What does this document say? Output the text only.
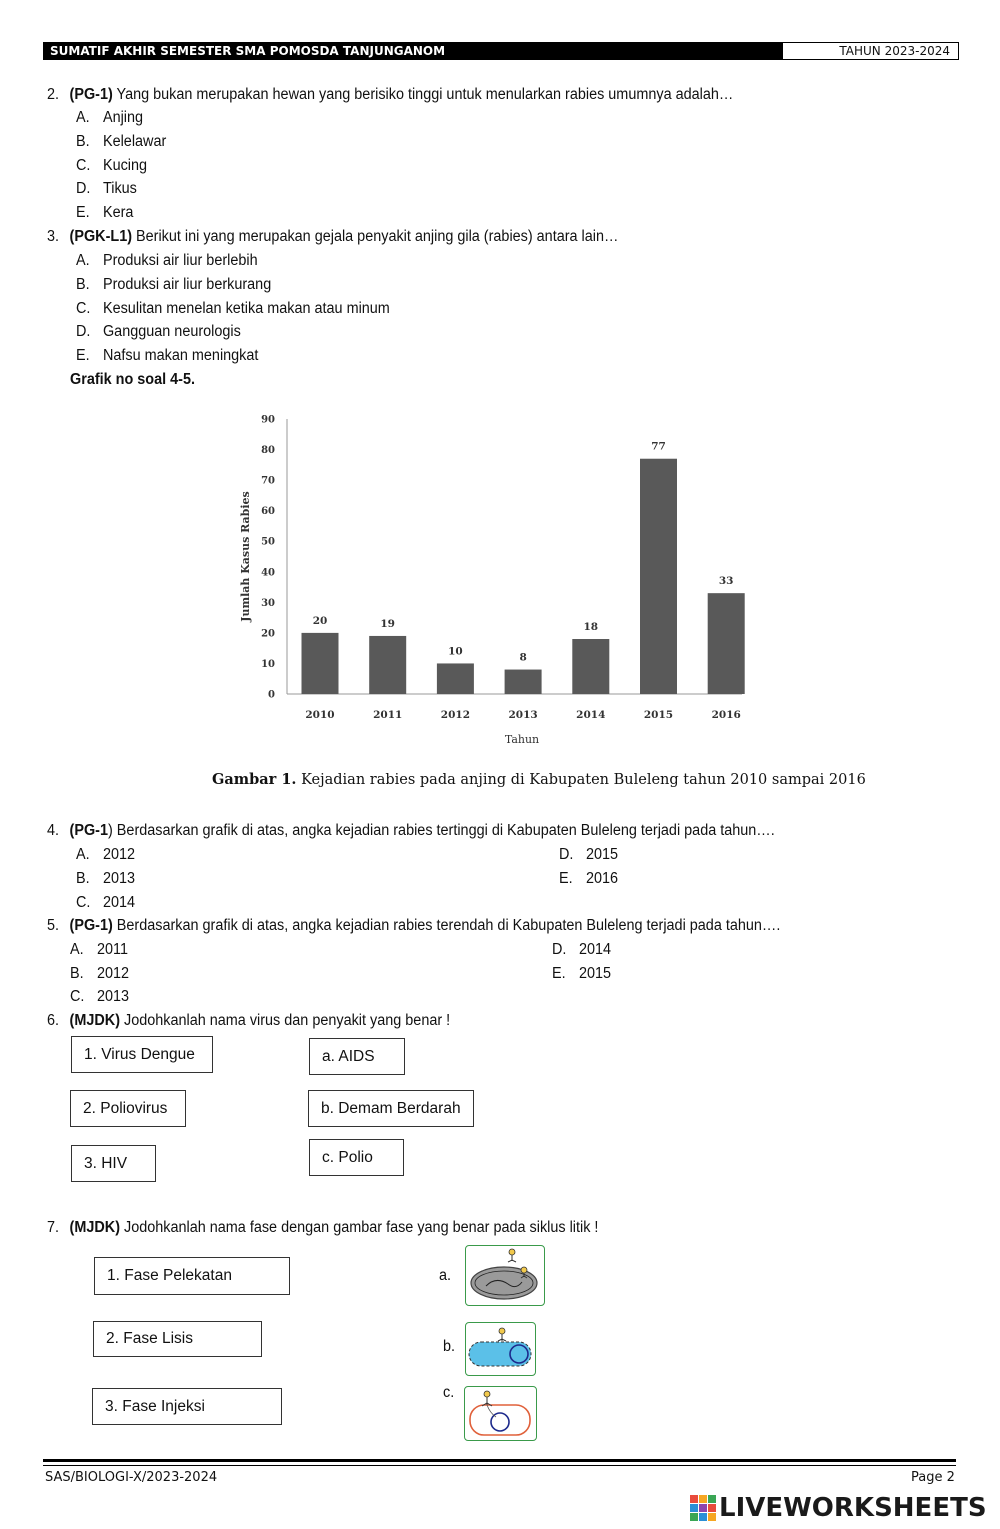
SUMATIF AKHIR SEMESTER SMA POMOSDA TANJUNGANOM	TAHUN 2023-2024
2. (PG-1) Yang bukan merupakan hewan yang berisiko tinggi untuk menularkan rabies umumnya adalah…
3. (PGK-L1) Berikut ini yang merupakan gejala penyakit anjing gila (rabies) antara lain…
Grafik no soal 4-5.
0
10
20
30
40
50
60
70
80
90
20
2010
19
2011
10
2012
8
2013
18
2014
77
2015
33
2016
Tahun
Jumlah Kasus Rabies
Gambar 1. Kejadian rabies pada anjing di Kabupaten Buleleng tahun 2010 sampai 2016
4. (PG-1) Berdasarkan grafik di atas, angka kejadian rabies tertinggi di Kabupaten Buleleng terjadi pada tahun….
5. (PG-1) Berdasarkan grafik di atas, angka kejadian rabies terendah di Kabupaten Buleleng terjadi pada tahun….
6. (MJDK) Jodohkanlah nama virus dan penyakit yang benar !
1. Virus Dengue
2. Poliovirus
3. HIV
a. AIDS
b. Demam Berdarah
c. Polio
7. (MJDK) Jodohkanlah nama fase dengan gambar fase yang benar pada siklus litik !
1. Fase Pelekatan
2. Fase Lisis
3. Fase Injeksi
a.
b.
c.
SAS/BIOLOGI-X/2023-2024	Page 2
LIVEWORKSHEETS
A. Anjing
B. Kelelawar
C. Kucing
D. Tikus
E. Kera
A. Produksi air liur berlebih
B. Produksi air liur berkurang
C. Kesulitan menelan ketika makan atau minum
D. Gangguan neurologis
E. Nafsu makan meningkat
A. 2012
B. 2013
C. 2014
D. 2015
E. 2016
A. 2011
B. 2012
C. 2013
D. 2014
E. 2015
